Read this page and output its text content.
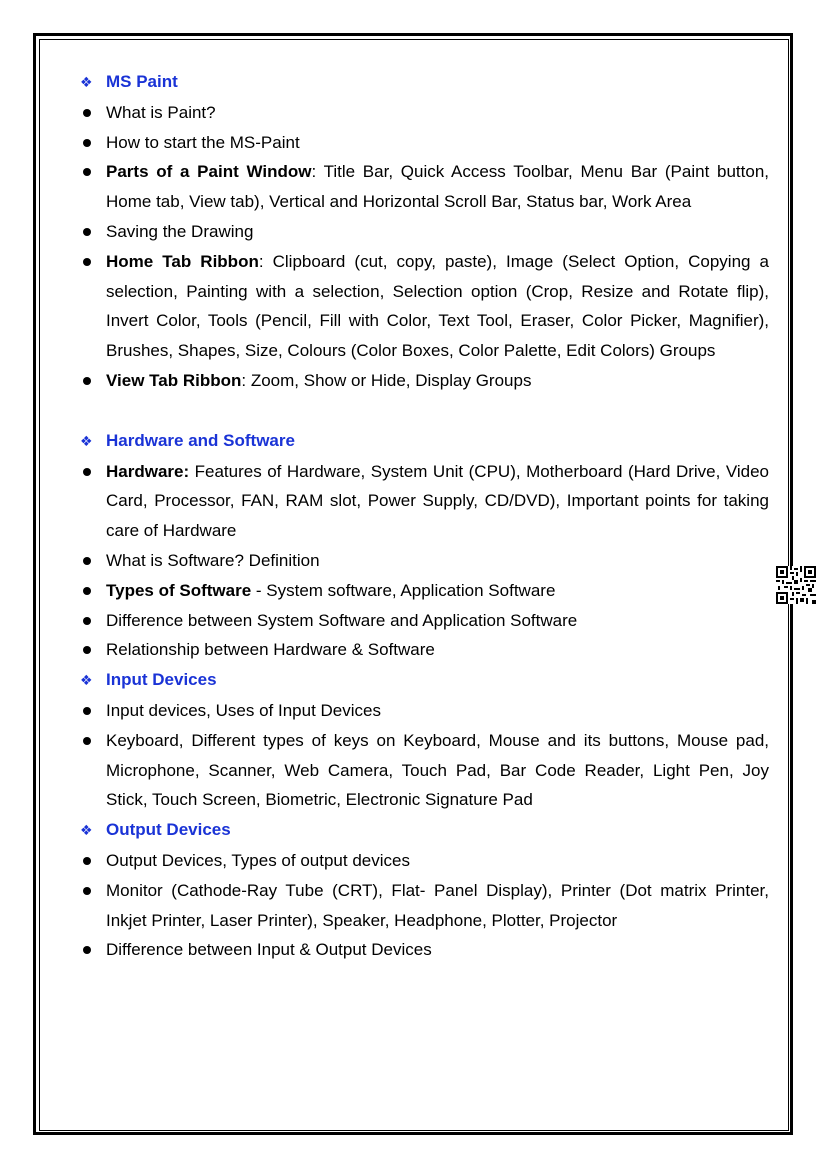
❖ MS Paint
What is Paint?
How to start the MS-Paint
Parts of a Paint Window: Title Bar, Quick Access Toolbar, Menu Bar (Paint button, Home tab, View tab), Vertical and Horizontal Scroll Bar, Status bar, Work Area
Saving the Drawing
Home Tab Ribbon: Clipboard (cut, copy, paste), Image (Select Option, Copying a selection, Painting with a selection, Selection option (Crop, Resize and Rotate flip), Invert Color, Tools (Pencil, Fill with Color, Text Tool, Eraser, Color Picker, Magnifier), Brushes, Shapes, Size, Colours (Color Boxes, Color Palette, Edit Colors) Groups
View Tab Ribbon: Zoom, Show or Hide, Display Groups
❖ Hardware and Software
Hardware: Features of Hardware, System Unit (CPU), Motherboard (Hard Drive, Video Card, Processor, FAN, RAM slot, Power Supply, CD/DVD), Important points for taking care of Hardware
What is Software? Definition
Types of Software - System software, Application Software
Difference between System Software and Application Software
Relationship between Hardware & Software
❖ Input Devices
Input devices, Uses of Input Devices
Keyboard, Different types of keys on Keyboard, Mouse and its buttons, Mouse pad, Microphone, Scanner, Web Camera, Touch Pad, Bar Code Reader, Light Pen, Joy Stick, Touch Screen, Biometric, Electronic Signature Pad
❖ Output Devices
Output Devices, Types of output devices
Monitor (Cathode-Ray Tube (CRT), Flat- Panel Display), Printer (Dot matrix Printer, Inkjet Printer, Laser Printer), Speaker, Headphone, Plotter, Projector
Difference between Input & Output Devices
